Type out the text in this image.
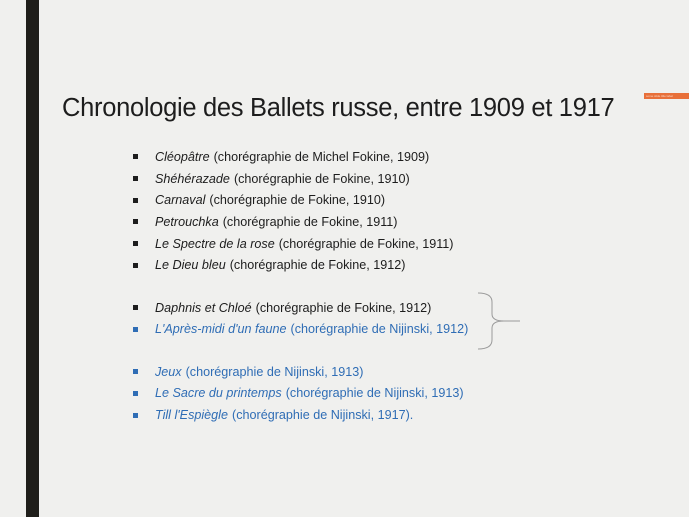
some slide title label
Chronologie des Ballets russe, entre 1909 et 1917
Cléopâtre (chorégraphie de Michel Fokine, 1909)
Shéhérazade (chorégraphie de Fokine, 1910)
Carnaval (chorégraphie de Fokine, 1910)
Petrouchka (chorégraphie de Fokine, 1911)
Le Spectre de la rose (chorégraphie de Fokine, 1911)
Le Dieu bleu (chorégraphie de Fokine, 1912)
Daphnis et Chloé (chorégraphie de Fokine, 1912)
L'Après-midi d'un faune (chorégraphie de Nijinski, 1912)
Jeux (chorégraphie de Nijinski, 1913)
Le Sacre du printemps (chorégraphie de Nijinski, 1913)
Till l'Espiègle (chorégraphie de Nijinski, 1917).
